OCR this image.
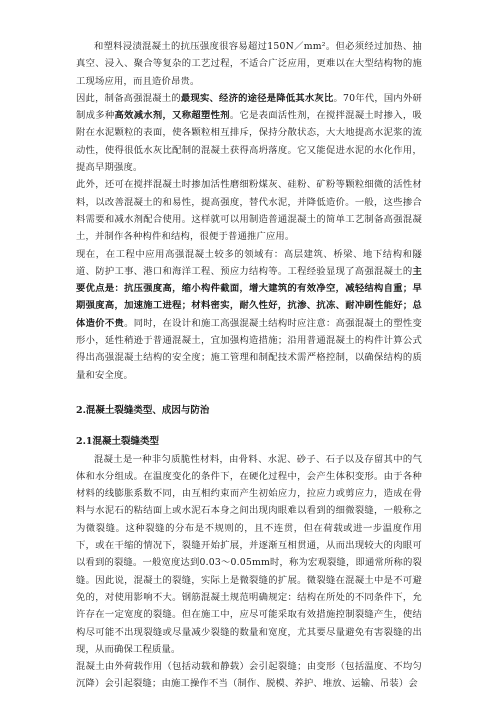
和塑料浸渍混凝土的抗压强度很容易超过150N／mm²。但必须经过加热、抽真空、浸入、聚合等复杂的工艺过程，不适合广泛应用，更难以在大型结构物的施工现场应用，而且造价昂贵。

因此，制备高强混凝土的最现实、经济的途径是降低其水灰比。70年代，国内外研制成多种高效减水剂，又称超塑性剂。它是表面活性剂，在搅拌混凝土时掺入，吸附在水泥颗粒的表面，使各颗粒相互排斥，保持分散状态，大大地提高水泥浆的流动性，使得很低水灰比配制的混凝土获得高坍落度。它又能促进水泥的水化作用，提高早期强度。

此外，还可在搅拌混凝土时掺加活性磨细粉煤灰、硅粉、矿粉等颗粒细微的活性材料，以改善混凝土的和易性，提高强度，替代水泥，并降低造价。一般，这些掺合料需要和减水剂配合使用。这样就可以用制造普通混凝土的简单工艺制备高强混凝土，并制作各种构件和结构，很便于普通推广应用。

现在，在工程中应用高强混凝土较多的领域有：高层建筑、桥梁、地下结构和隧道、防护工事、港口和海洋工程、预应力结构等。工程经验显现了高强混凝土的主要优点是：抗压强度高，缩小构件截面，增大建筑的有效净空，减轻结构自重；早期强度高，加速施工进程；材料密实，耐久性好，抗渗、抗冻、耐冲刷性能好；总体造价不贵。同时，在设计和施工高强混凝土结构时应注意：高强混凝土的塑性变形小，延性稍逊于普通混凝土，宜加强构造措施；沿用普通混凝土的构件计算公式得出高强混凝土结构的安全度；施工管理和制配技术需严格控制，以确保结构的质量和安全度。

2.混凝土裂缝类型、成因与防治

2.1混凝土裂缝类型

混凝土是一种非匀质脆性材料，由骨料、水泥、砂子、石子以及存留其中的气体和水分组成。在温度变化的条件下，在硬化过程中，会产生体积变形。由于各种材料的线膨胀系数不同，由互相约束而产生初始应力，拉应力或剪应力，造成在骨料与水泥石的粘结面上或水泥石本身之间出现肉眼难以看到的细微裂缝，一般称之为微裂缝。这种裂缝的分布是不规则的，且不连贯，但在荷载或进一步温度作用下，或在干缩的情况下，裂缝开始扩展，并逐渐互相贯通，从而出现较大的肉眼可以看到的裂缝。一般宽度达到0.03～0.05mm时，称为宏观裂缝，即通常所称的裂缝。因此说，混凝土的裂缝，实际上是微裂缝的扩展。微裂缝在混凝土中是不可避免的，对使用影响不大。钢筋混凝土规范明确规定：结构在所处的不同条件下，允许存在一定宽度的裂缝。但在施工中，应尽可能采取有效措施控制裂缝产生，使结构尽可能不出现裂缝或尽量减少裂缝的数量和宽度，尤其要尽量避免有害裂缝的出现，从而确保工程质量。

混凝土由外荷载作用（包括动载和静载）会引起裂缝；由变形（包括温度、不均匀沉降）会引起裂缝；由施工操作不当（制作、脱模、养护、堆放、运输、吊装）会
